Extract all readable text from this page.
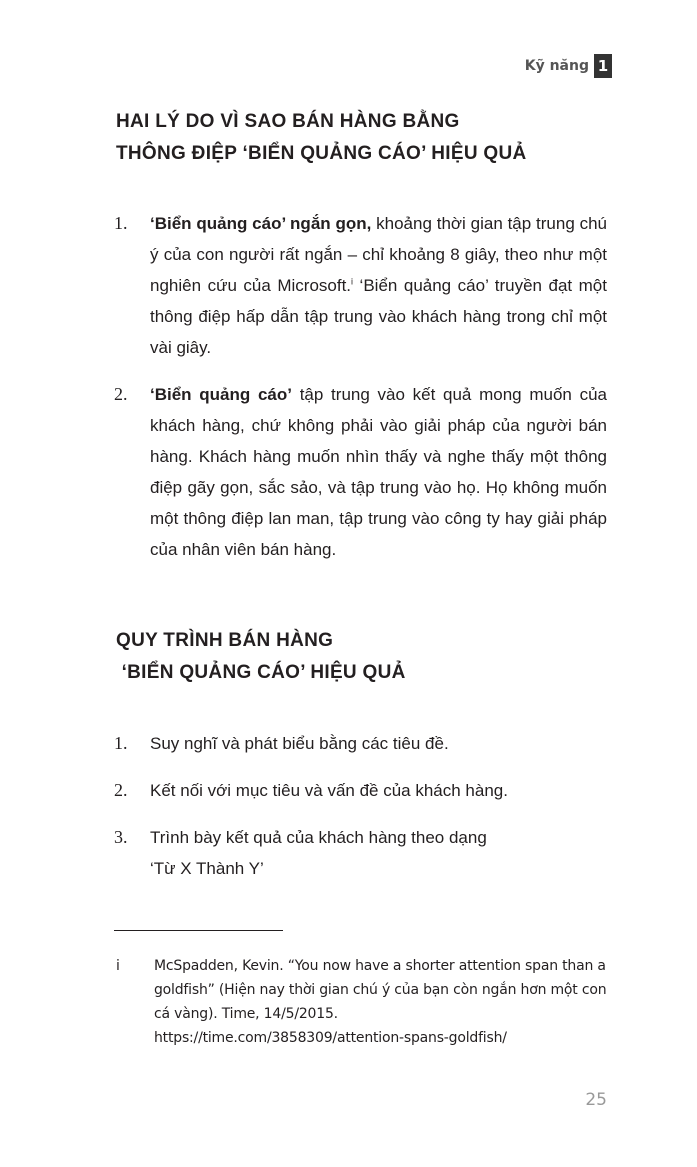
Kỹ năng 1
HAI LÝ DO VÌ SAO BÁN HÀNG BẰNG
THÔNG ĐIỆP ‘BIỂN QUẢNG CÁO’ HIỆU QUẢ
1.	‘Biển quảng cáo’ ngắn gọn, khoảng thời gian tập trung chú ý của con người rất ngắn – chỉ khoảng 8 giây, theo như một nghiên cứu của Microsoft.$^i$ ‘Biển quảng cáo’ truyền đạt một thông điệp hấp dẫn tập trung vào khách hàng trong chỉ một vài giây.
2.	‘Biển quảng cáo’ tập trung vào kết quả mong muốn của khách hàng, chứ không phải vào giải pháp của người bán hàng. Khách hàng muốn nhìn thấy và nghe thấy một thông điệp gãy gọn, sắc sảo, và tập trung vào họ. Họ không muốn một thông điệp lan man, tập trung vào công ty hay giải pháp của nhân viên bán hàng.
QUY TRÌNH BÁN HÀNG
‘BIỂN QUẢNG CÁO’ HIỆU QUẢ
1.	Suy nghĩ và phát biểu bằng các tiêu đề.
2.	Kết nối với mục tiêu và vấn đề của khách hàng.
3.	Trình bày kết quả của khách hàng theo dạng
‘Từ X Thành Y’
i	McSpadden, Kevin. “You now have a shorter attention span than a goldfish” (Hiện nay thời gian chú ý của bạn còn ngắn hơn một con cá vàng). Time, 14/5/2015.
https://time.com/3858309/attention-spans-goldfish/
25
